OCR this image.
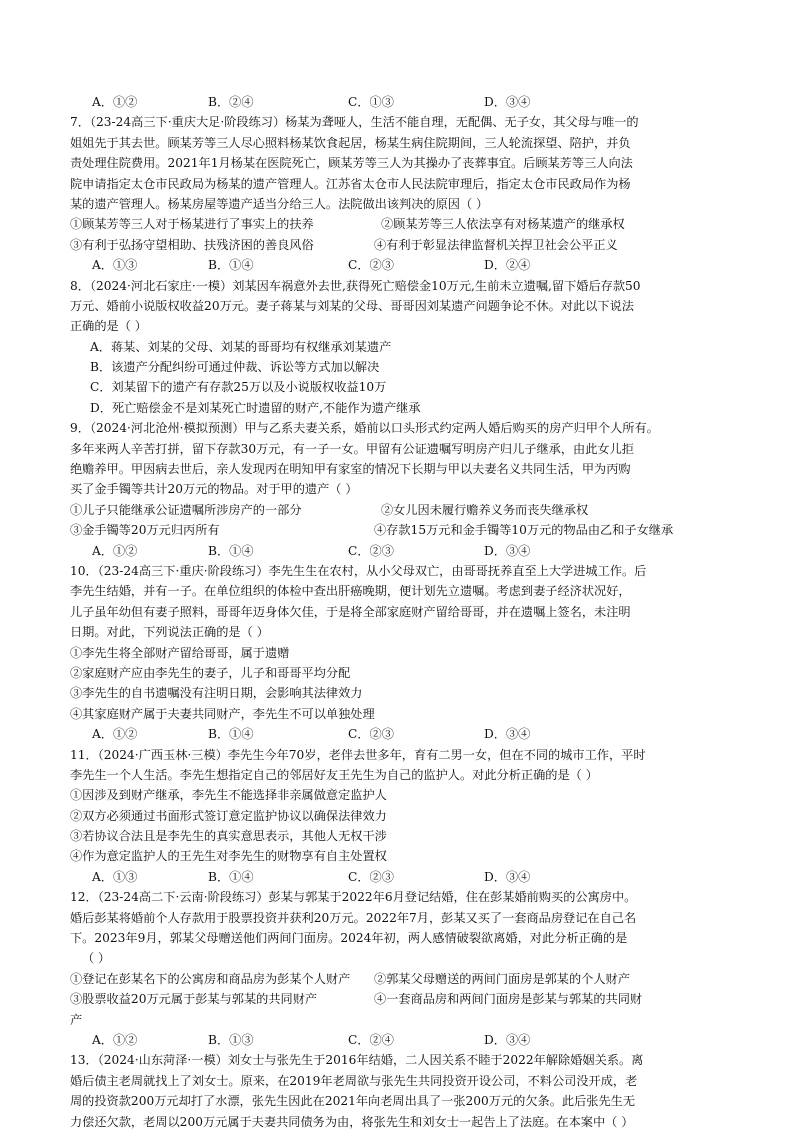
A．①②	B．②④	C．①③	D．③④
7．（23-24高三下·重庆大足·阶段练习）杨某为聋哑人，生活不能自理，无配偶、无子女，其父母与唯一的
姐姐先于其去世。顾某芳等三人尽心照料杨某饮食起居，杨某生病住院期间，三人轮流探望、陪护，并负
责处理住院费用。2021年1月杨某在医院死亡，顾某芳等三人为其操办了丧葬事宜。后顾某芳等三人向法
院申请指定太仓市民政局为杨某的遗产管理人。江苏省太仓市人民法院审理后，指定太仓市民政局作为杨
某的遗产管理人。杨某房屋等遗产适当分给三人。法院做出该判决的原因（ ）
①顾某芳等三人对于杨某进行了事实上的扶养	②顾某芳等三人依法享有对杨某遗产的继承权
③有利于弘扬守望相助、扶残济困的善良风俗	④有利于彰显法律监督机关捍卫社会公平正义
A．①③	B．①④	C．②③	D．②④
8．（2024·河北石家庄·一模）刘某因车祸意外去世,获得死亡赔偿金10万元,生前未立遗嘱,留下婚后存款50
万元、婚前小说版权收益20万元。妻子蒋某与刘某的父母、哥哥因刘某遗产问题争论不休。对此以下说法
正确的是（ ）
A．蒋某、刘某的父母、刘某的哥哥均有权继承刘某遗产
B．该遗产分配纠纷可通过仲裁、诉讼等方式加以解决
C．刘某留下的遗产有存款25万以及小说版权收益10万
D．死亡赔偿金不是刘某死亡时遗留的财产,不能作为遗产继承
9．（2024·河北沧州·模拟预测）甲与乙系夫妻关系，婚前以口头形式约定两人婚后购买的房产归甲个人所有。
多年来两人辛苦打拼，留下存款30万元，有一子一女。甲留有公证遗嘱写明房产归儿子继承，由此女儿拒
绝赡养甲。甲因病去世后，亲人发现丙在明知甲有家室的情况下长期与甲以夫妻名义共同生活，甲为丙购
买了金手镯等共计20万元的物品。对于甲的遗产（ ）
①儿子只能继承公证遗嘱所涉房产的一部分	②女儿因未履行赡养义务而丧失继承权
③金手镯等20万元归丙所有	④存款15万元和金手镯等10万元的物品由乙和子女继承
A．①②	B．①④	C．②③	D．③④
10．（23-24高三下·重庆·阶段练习）李先生生在农村，从小父母双亡，由哥哥抚养直至上大学进城工作。后
李先生结婚，并有一子。在单位组织的体检中查出肝癌晚期，便计划先立遗嘱。考虑到妻子经济状况好，
儿子虽年幼但有妻子照料，哥哥年迈身体欠佳，于是将全部家庭财产留给哥哥，并在遗嘱上签名，未注明
日期。对此，下列说法正确的是（ ）
①李先生将全部财产留给哥哥，属于遗赠
②家庭财产应由李先生的妻子，儿子和哥哥平均分配
③李先生的自书遗嘱没有注明日期，会影响其法律效力
④其家庭财产属于夫妻共同财产，李先生不可以单独处理
A．①②	B．①④	C．②③	D．③④
11．（2024·广西玉林·三模）李先生今年70岁，老伴去世多年，育有二男一女，但在不同的城市工作，平时
李先生一个人生活。李先生想指定自己的邻居好友王先生为自己的监护人。对此分析正确的是（ ）
①因涉及到财产继承，李先生不能选择非亲属做意定监护人
②双方必须通过书面形式签订意定监护协议以确保法律效力
③若协议合法且是李先生的真实意思表示，其他人无权干涉
④作为意定监护人的王先生对李先生的财物享有自主处置权
A．①③	B．①④	C．②③	D．③④
12．（23-24高二下·云南·阶段练习）彭某与郭某于2022年6月登记结婚，住在彭某婚前购买的公寓房中。
婚后彭某将婚前个人存款用于股票投资并获利20万元。2022年7月，彭某又买了一套商品房登记在自己名
下。2023年9月，郭某父母赠送他们两间门面房。2024年初，两人感情破裂欲离婚，对此分析正确的是
（ ）
①登记在彭某名下的公寓房和商品房为彭某个人财产 ②郭某父母赠送的两间门面房是郭某的个人财产
③股票收益20万元属于彭某与郭某的共同财产	④一套商品房和两间门面房是彭某与郭某的共同财
产
A．①②	B．①③	C．②④	D．③④
13．（2024·山东菏泽·一模）刘女士与张先生于2016年结婚，二人因关系不睦于2022年解除婚姻关系。离
婚后债主老周就找上了刘女士。原来，在2019年老周欲与张先生共同投资开设公司，不料公司没开成，老
周的投资款200万元却打了水漂，张先生因此在2021年向老周出具了一张200万元的欠条。此后张先生无
力偿还欠款，老周以200万元属于夫妻共同债务为由，将张先生和刘女士一起告上了法庭。在本案中（ ）
